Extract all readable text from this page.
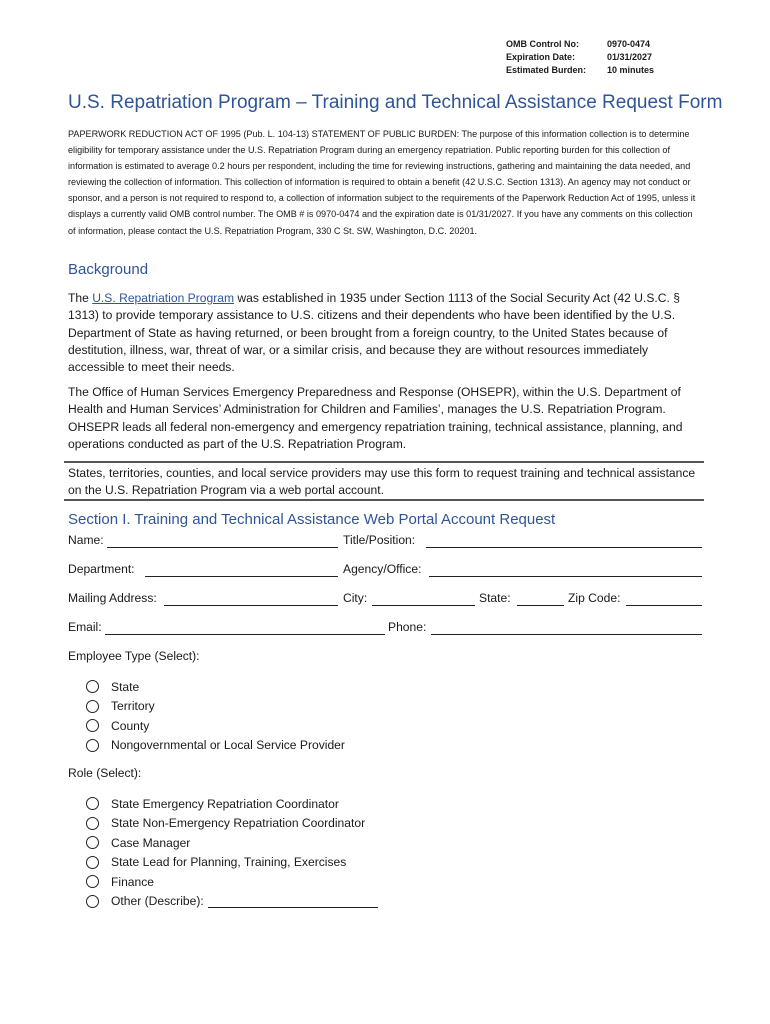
OMB Control No:	0970-0474
Expiration Date:	01/31/2027
Estimated Burden:	10 minutes
U.S. Repatriation Program – Training and Technical Assistance Request Form

PAPERWORK REDUCTION ACT OF 1995 (Pub. L. 104-13) STATEMENT OF PUBLIC BURDEN: The purpose of this information collection is to determine eligibility for temporary assistance under the U.S. Repatriation Program during an emergency repatriation. Public reporting burden for this collection of information is estimated to average 0.2 hours per respondent, including the time for reviewing instructions, gathering and maintaining the data needed, and reviewing the collection of information. This collection of information is required to obtain a benefit (42 U.S.C. Section 1313). An agency may not conduct or sponsor, and a person is not required to respond to, a collection of information subject to the requirements of the Paperwork Reduction Act of 1995, unless it displays a currently valid OMB control number. The OMB # is 0970-0474 and the expiration date is 01/31/2027. If you have any comments on this collection of information, please contact the U.S. Repatriation Program, 330 C St. SW, Washington, D.C. 20201.

Background

The U.S. Repatriation Program was established in 1935 under Section 1113 of the Social Security Act (42 U.S.C. § 1313) to provide temporary assistance to U.S. citizens and their dependents who have been identified by the U.S. Department of State as having returned, or been brought from a foreign country, to the United States because of destitution, illness, war, threat of war, or a similar crisis, and because they are without resources immediately accessible to meet their needs.

The Office of Human Services Emergency Preparedness and Response (OHSEPR), within the U.S. Department of Health and Human Services’ Administration for Children and Families’, manages the U.S. Repatriation Program. OHSEPR leads all federal non-emergency and emergency repatriation training, technical assistance, planning, and operations conducted as part of the U.S. Repatriation Program.

States, territories, counties, and local service providers may use this form to request training and technical assistance on the U.S. Repatriation Program via a web portal account.

Section I. Training and Technical Assistance Web Portal Account Request
Name:	Title/Position:
Department:	Agency/Office:
Mailing Address:	City:	State:	Zip Code:
Email:	Phone:
Employee Type (Select):
State
Territory
County
Nongovernmental or Local Service Provider
Role (Select):
State Emergency Repatriation Coordinator
State Non-Emergency Repatriation Coordinator
Case Manager
State Lead for Planning, Training, Exercises
Finance
Other (Describe):
